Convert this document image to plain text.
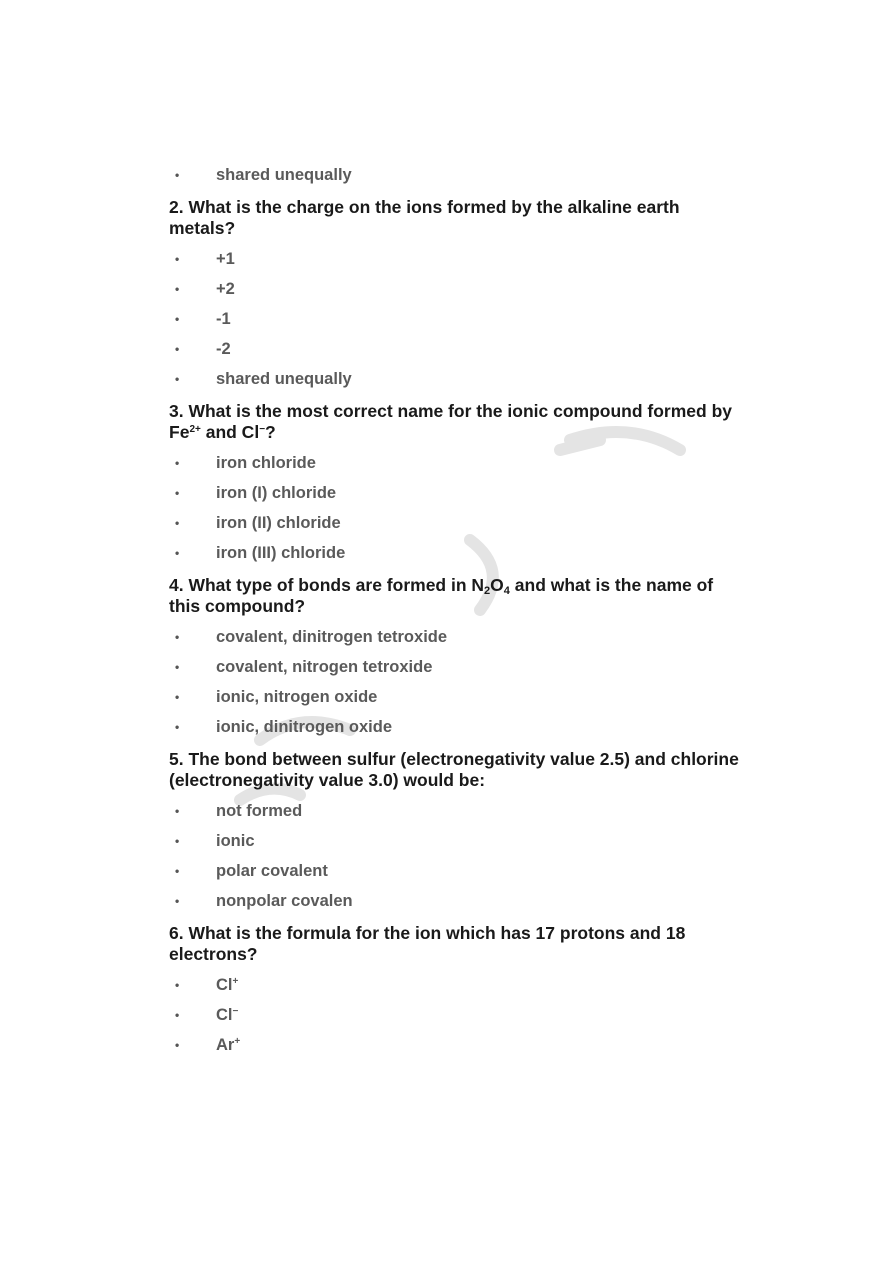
• shared unequally
2. What is the charge on the ions formed by the alkaline earth metals?
• +1
• +2
• -1
• -2
• shared unequally
3. What is the most correct name for the ionic compound formed by $Fe^{2+}$ and Cl−?
• iron chloride
• iron (I) chloride
• iron (II) chloride
• iron (III) chloride
4. What type of bonds are formed in $N_2O_4$ and what is the name of this compound?
• covalent, dinitrogen tetroxide
• covalent, nitrogen tetroxide
• ionic, nitrogen oxide
• ionic, dinitrogen oxide
5. The bond between sulfur (electronegativity value 2.5) and chlorine (electronegativity value 3.0) would be:
• not formed
• ionic
• polar covalent
• nonpolar covalen
6. What is the formula for the ion which has 17 protons and 18 electrons?
• Cl+
• Cl−
• Ar+
